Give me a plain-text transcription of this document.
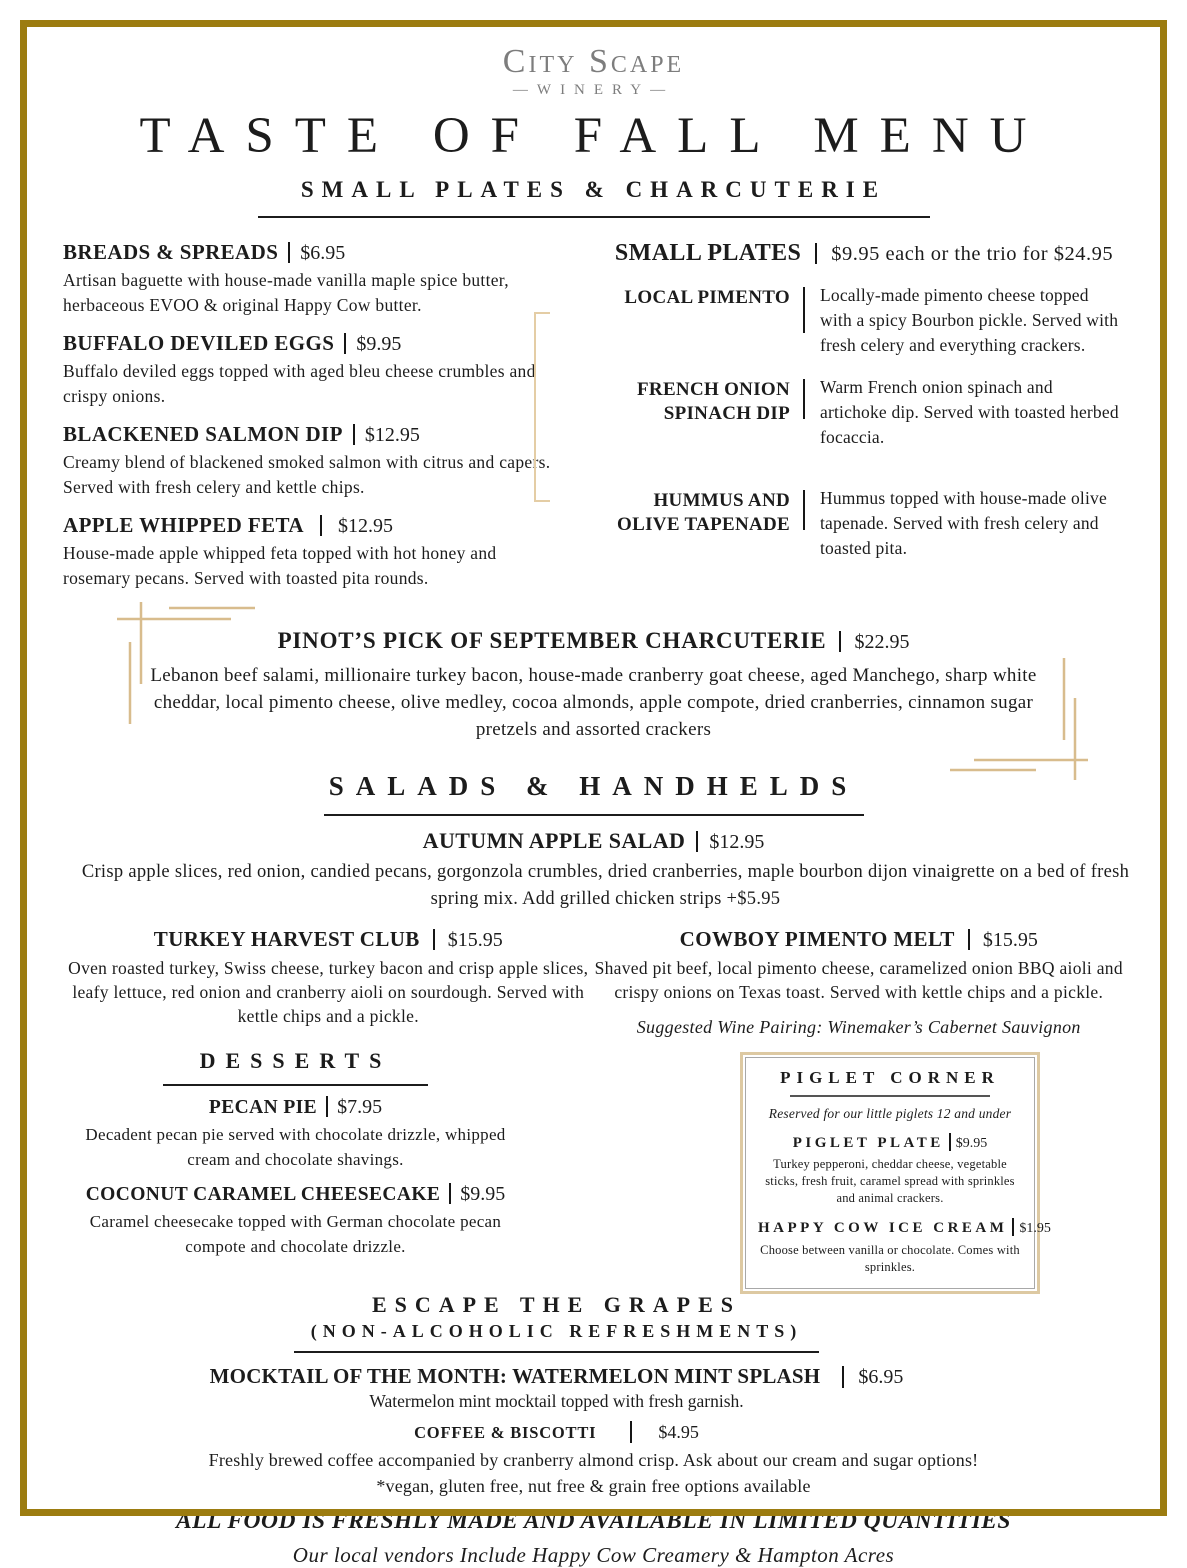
City Scape
—WINERY—
TASTE OF FALL MENU
SMALL PLATES & CHARCUTERIE
BREADS & SPREADS $6.95
Artisan baguette with house-made vanilla maple spice butter, herbaceous EVOO & original Happy Cow butter.
BUFFALO DEVILED EGGS $9.95
Buffalo deviled eggs topped with aged bleu cheese crumbles and crispy onions.
BLACKENED SALMON DIP $12.95
Creamy blend of blackened smoked salmon with citrus and capers. Served with fresh celery and kettle chips.
APPLE WHIPPED FETA $12.95
House-made apple whipped feta topped with hot honey and rosemary pecans. Served with toasted pita rounds.
SMALL PLATES $9.95 each or the trio for $24.95
LOCAL PIMENTO Locally-made pimento cheese topped with a spicy Bourbon pickle. Served with fresh celery and everything crackers.
FRENCH ONION SPINACH DIP
Warm French onion spinach and artichoke dip. Served with toasted herbed focaccia.
HUMMUS AND OLIVE TAPENADE
Hummus topped with house-made olive tapenade. Served with fresh celery and toasted pita.
PINOT’S PICK OF SEPTEMBER CHARCUTERIE $22.95
Lebanon beef salami, millionaire turkey bacon, house-made cranberry goat cheese, aged Manchego, sharp white cheddar, local pimento cheese, olive medley, cocoa almonds, apple compote, dried cranberries, cinnamon sugar pretzels and assorted crackers
SALADS & HANDHELDS
AUTUMN APPLE SALAD $12.95
Crisp apple slices, red onion, candied pecans, gorgonzola crumbles, dried cranberries, maple bourbon dijon vinaigrette on a bed of fresh spring mix. Add grilled chicken strips +$5.95
TURKEY HARVEST CLUB $15.95
Oven roasted turkey, Swiss cheese, turkey bacon and crisp apple slices, leafy lettuce, red onion and cranberry aioli on sourdough. Served with kettle chips and a pickle.
COWBOY PIMENTO MELT $15.95
Shaved pit beef, local pimento cheese, caramelized onion BBQ aioli and crispy onions on Texas toast. Served with kettle chips and a pickle.
Suggested Wine Pairing: Winemaker’s Cabernet Sauvignon
DESSERTS
PECAN PIE $7.95
Decadent pecan pie served with chocolate drizzle, whipped cream and chocolate shavings.
COCONUT CARAMEL CHEESECAKE $9.95
Caramel cheesecake topped with German chocolate pecan compote and chocolate drizzle.
PIGLET CORNER
Reserved for our little piglets 12 and under
PIGLET PLATE $9.95
Turkey pepperoni, cheddar cheese, vegetable sticks, fresh fruit, caramel spread with sprinkles and animal crackers.
HAPPY COW ICE CREAM $1.95
Choose between vanilla or chocolate. Comes with sprinkles.
ESCAPE THE GRAPES
(NON-ALCOHOLIC REFRESHMENTS)
MOCKTAIL OF THE MONTH: WATERMELON MINT SPLASH $6.95
Watermelon mint mocktail topped with fresh garnish.
COFFEE & BISCOTTI	$4.95
Freshly brewed coffee accompanied by cranberry almond crisp. Ask about our cream and sugar options!
*vegan, gluten free, nut free & grain free options available
ALL FOOD IS FRESHLY MADE AND AVAILABLE IN LIMITED QUANTITIES
Our local vendors Include Happy Cow Creamery & Hampton Acres
